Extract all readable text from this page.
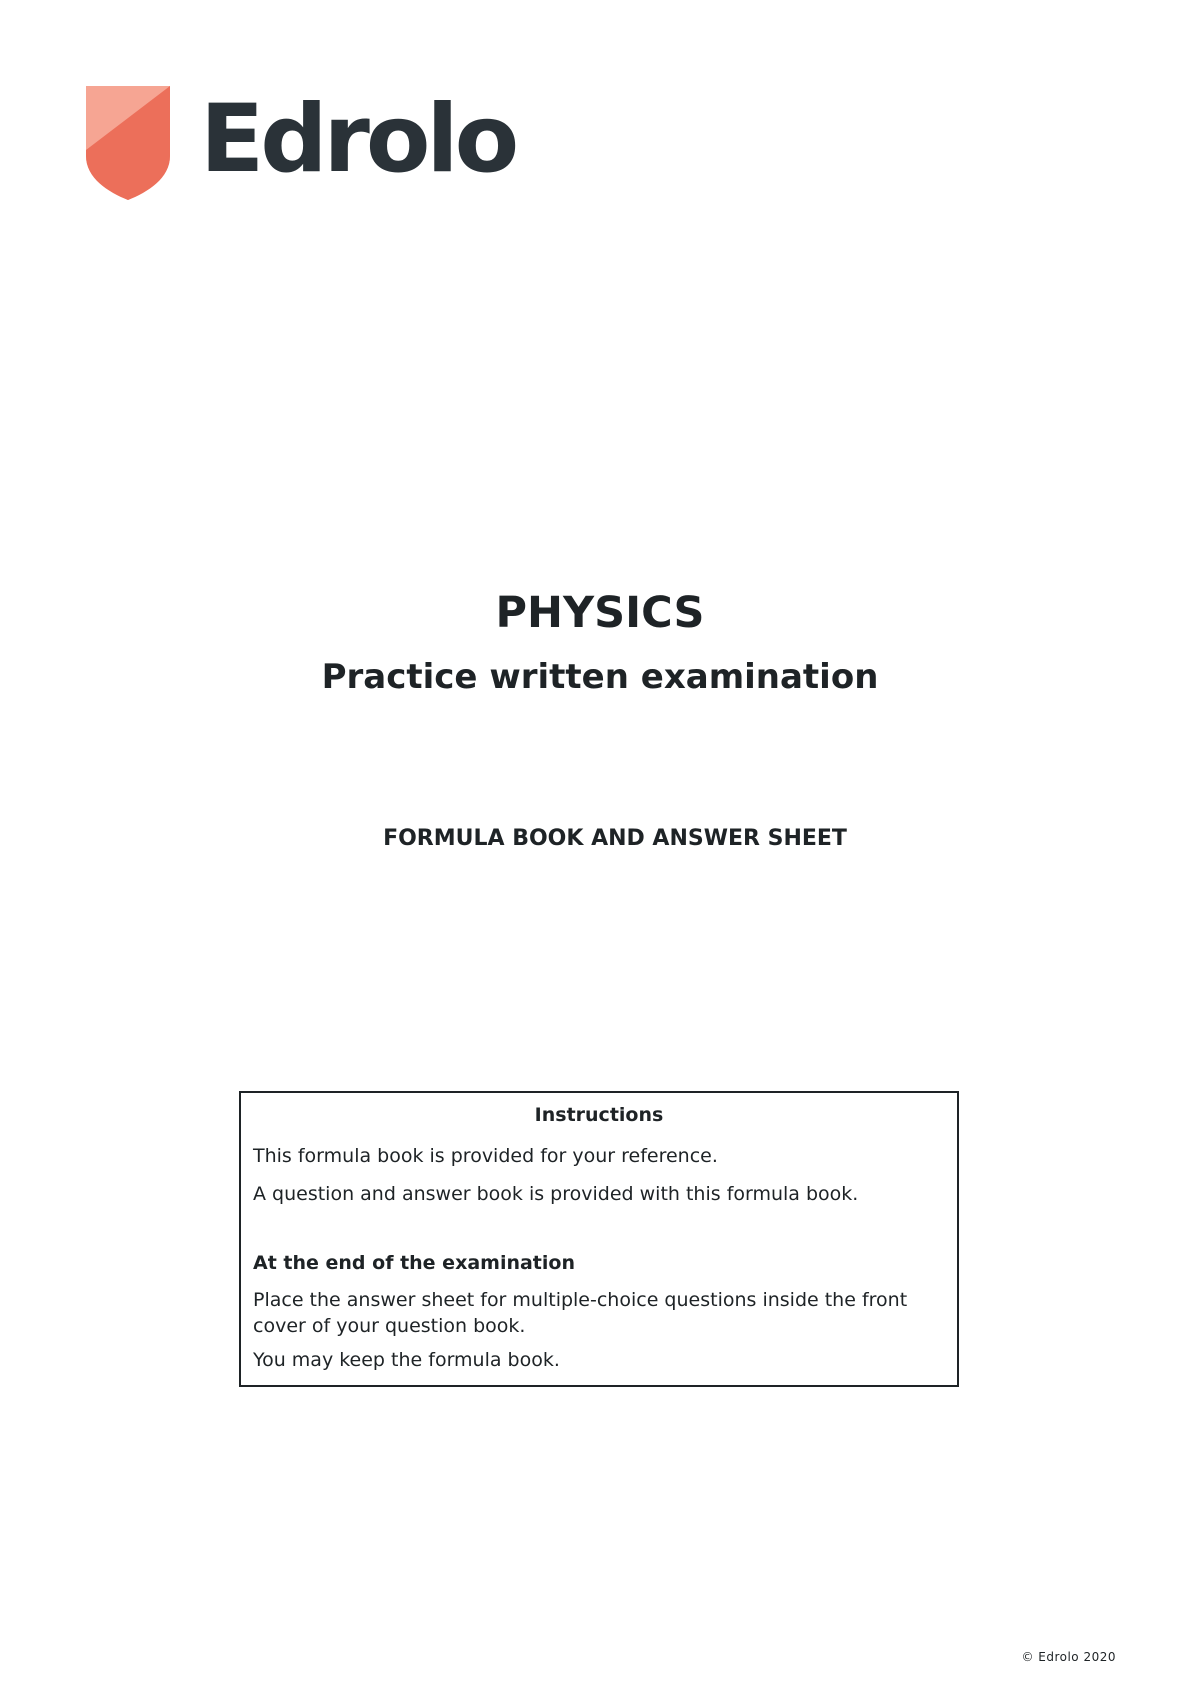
Edrolo
PHYSICS
Practice written examination
FORMULA BOOK AND ANSWER SHEET
Instructions

This formula book is provided for your reference.

A question and answer book is provided with this formula book.

At the end of the examination

Place the answer sheet for multiple-choice questions inside the front cover of your question book.

You may keep the formula book.

© Edrolo 2020
